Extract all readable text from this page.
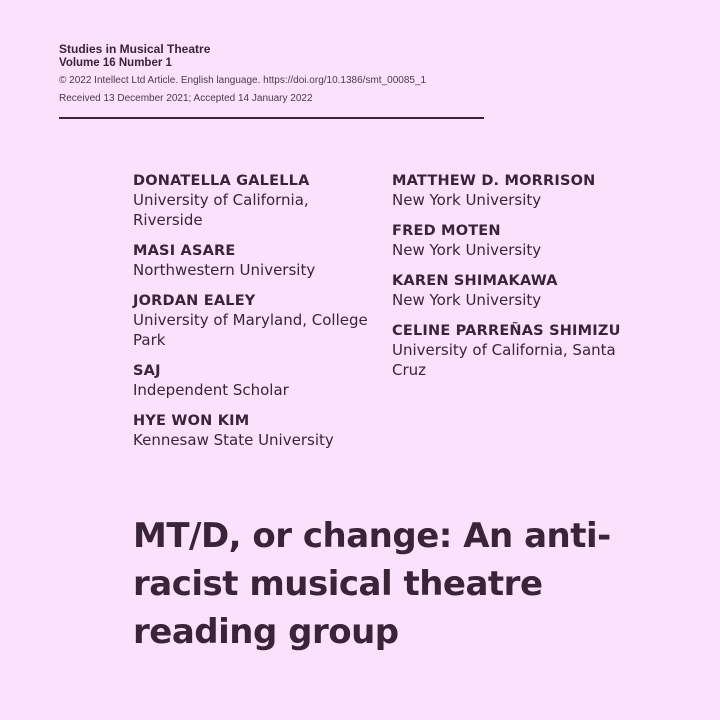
Studies in Musical Theatre
Volume 16 Number 1
© 2022 Intellect Ltd Article. English language. https://doi.org/10.1386/smt_00085_1
Received 13 December 2021; Accepted 14 January 2022
DONATELLA GALELLA
University of California, Riverside
MASI ASARE
Northwestern University
JORDAN EALEY
University of Maryland, College Park
SAJ
Independent Scholar
HYE WON KIM
Kennesaw State University
MATTHEW D. MORRISON
New York University
FRED MOTEN
New York University
KAREN SHIMAKAWA
New York University
CELINE PARREÑAS SHIMIZU
University of California, Santa Cruz
MT/D, or change: An anti-racist musical theatre reading group
